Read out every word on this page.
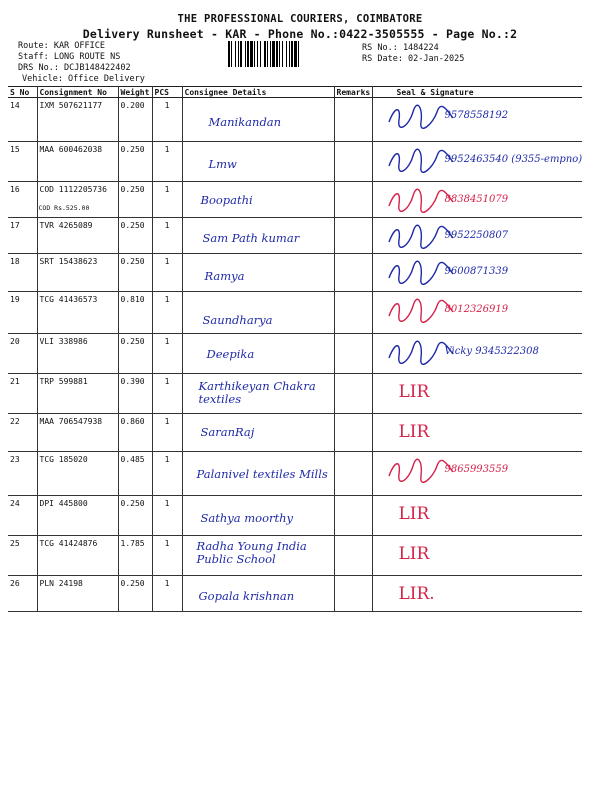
THE PROFESSIONAL COURIERS, COIMBATORE
Delivery Runsheet - KAR - Phone No.:0422-3505555 - Page No.:2
Route: KAR OFFICE
Staff: LONG ROUTE NS
DRS No.: DCJB148422402
Vehicle: Office Delivery
RS No.: 1484224
RS Date: 02-Jan-2025
S No	Consignment No	Weight	PCS	Consignee Details	Remarks	Seal & Signature
14	IXM 507621177	0.200	1	Manikandan		9578558192

15	MAA 600462038	0.250	1	Lmw		9952463540 (9355-empno)

16	COD 1112205736
COD Rs.525.00	0.250	1	Boopathi		8838451079

17	TVR 4265089	0.250	1	Sam Path kumar		9952250807

18	SRT 15438623	0.250	1	Ramya		9600871339

19	TCG 41436573	0.810	1	Saundharya		8012326919

20	VLI 338986	0.250	1	Deepika		Vicky 9345322308

21	TRP 599881	0.390	1	Karthikeyan Chakra textiles		LIR

22	MAA 706547938	0.860	1	SaranRaj		LIR

23	TCG 185020	0.485	1	Palanivel textiles Mills		9865993559

24	DPI 445800	0.250	1	Sathya moorthy		LIR

25	TCG 41424876	1.785	1	Radha Young India Public School		LIR

26	PLN 24198	0.250	1	Gopala krishnan		LIR.
